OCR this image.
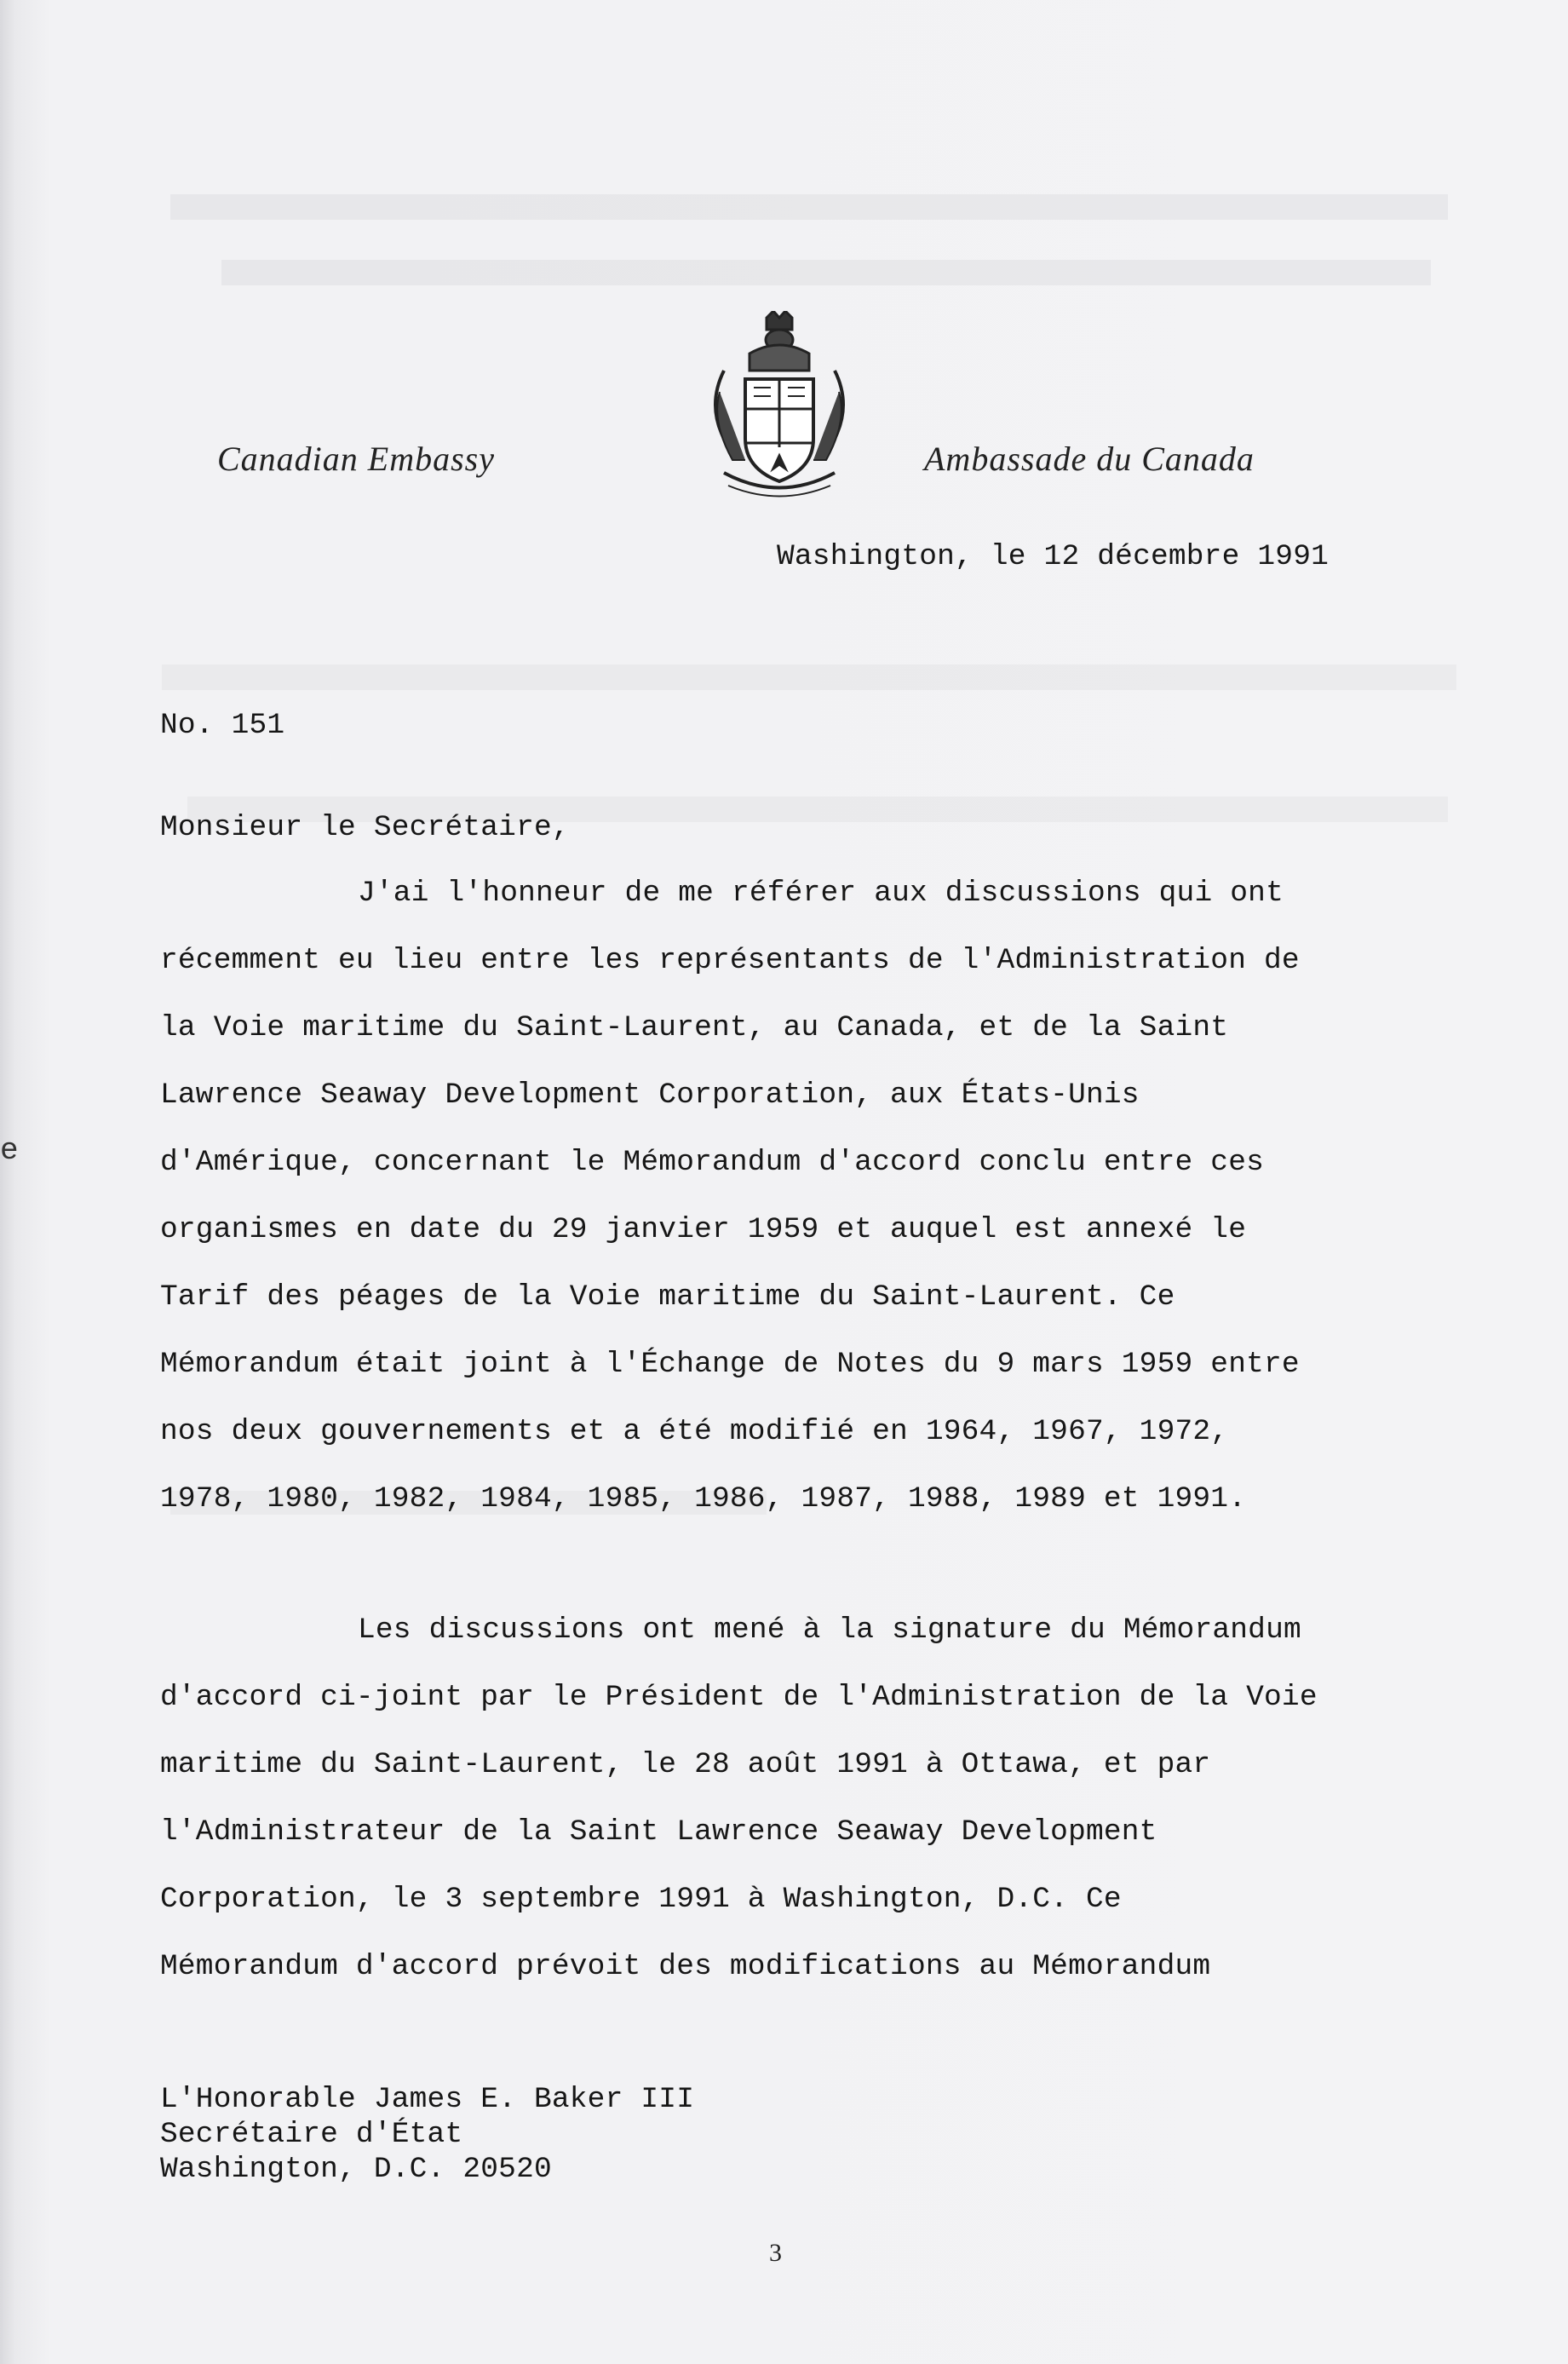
e
Canadian Embassy	Ambassade du Canada
Washington, le 12 décembre 1991
No. 151
Monsieur le Secrétaire,
J'ai l'honneur de me référer aux discussions qui ont
récemment eu lieu entre les représentants de l'Administration de
la Voie maritime du Saint-Laurent, au Canada, et de la Saint
Lawrence Seaway Development Corporation, aux États-Unis
d'Amérique, concernant le Mémorandum d'accord conclu entre ces
organismes en date du 29 janvier 1959 et auquel est annexé le
Tarif des péages de la Voie maritime du Saint-Laurent. Ce
Mémorandum était joint à l'Échange de Notes du 9 mars 1959 entre
nos deux gouvernements et a été modifié en 1964, 1967, 1972,
1978, 1980, 1982, 1984, 1985, 1986, 1987, 1988, 1989 et 1991.
Les discussions ont mené à la signature du Mémorandum
d'accord ci-joint par le Président de l'Administration de la Voie
maritime du Saint-Laurent, le 28 août 1991 à Ottawa, et par
l'Administrateur de la Saint Lawrence Seaway Development
Corporation, le 3 septembre 1991 à Washington, D.C. Ce
Mémorandum d'accord prévoit des modifications au Mémorandum
L'Honorable James E. Baker III
Secrétaire d'État
Washington, D.C. 20520
3
